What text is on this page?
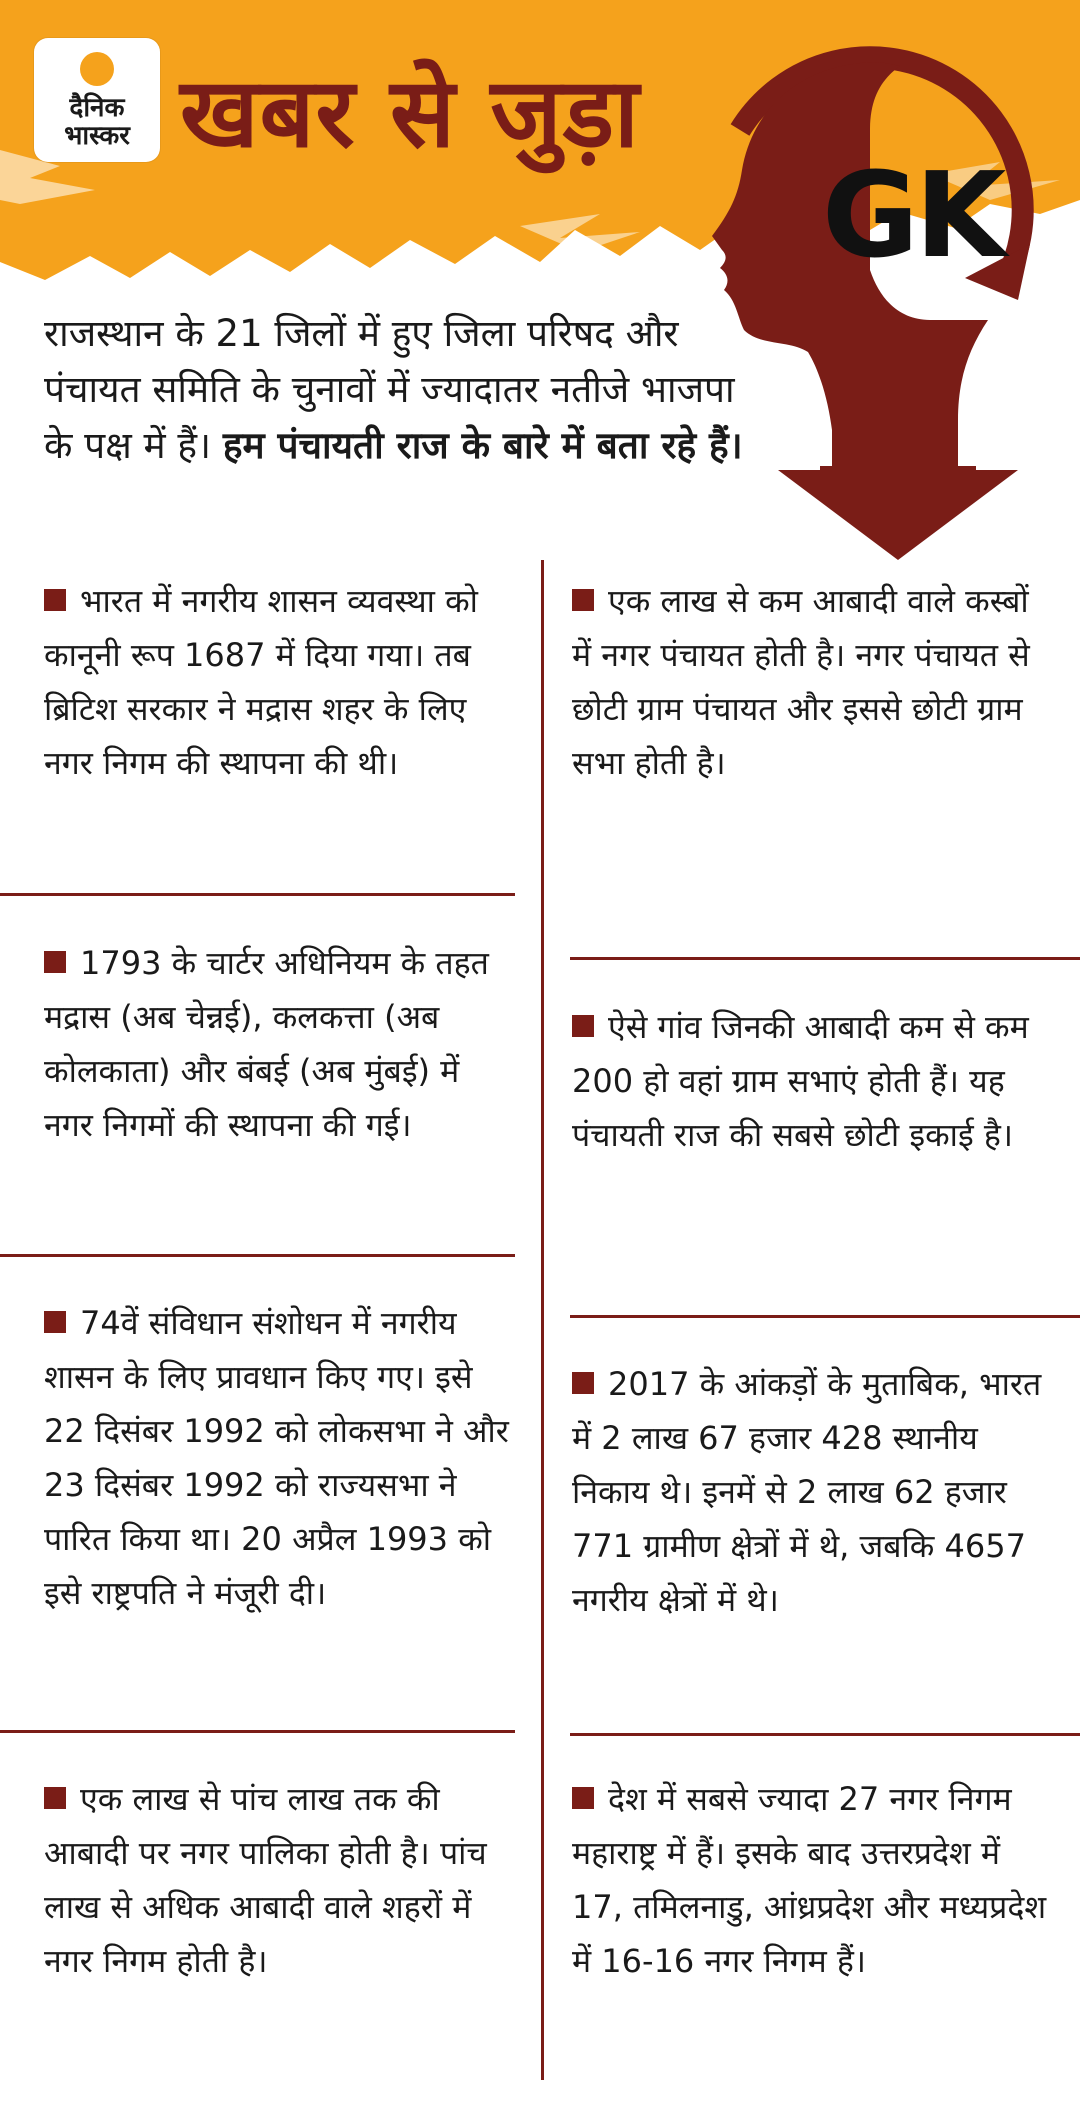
दैनिक
भास्कर खबर से जुड़ा
GK
राजस्थान के 21 जिलों में हुए जिला परिषद और पंचायत समिति के चुनावों में ज्यादातर नतीजे भाजपा के पक्ष में हैं। हम पंचायती राज के बारे में बता रहे हैं।
भारत में नगरीय शासन व्यवस्था को कानूनी रूप 1687 में दिया गया। तब ब्रिटिश सरकार ने मद्रास शहर के लिए नगर निगम की स्थापना की थी।
1793 के चार्टर अधिनियम के तहत मद्रास (अब चेन्नई), कलकत्ता (अब कोलकाता) और बंबई (अब मुंबई) में नगर निगमों की स्थापना की गई।
74वें संविधान संशोधन में नगरीय शासन के लिए प्रावधान किए गए। इसे 22 दिसंबर 1992 को लोकसभा ने और 23 दिसंबर 1992 को राज्यसभा ने पारित किया था। 20 अप्रैल 1993 को इसे राष्ट्रपति ने मंजूरी दी।
एक लाख से पांच लाख तक की आबादी पर नगर पालिका होती है। पांच लाख से अधिक आबादी वाले शहरों में नगर निगम होती है।
एक लाख से कम आबादी वाले कस्बों में नगर पंचायत होती है। नगर पंचायत से छोटी ग्राम पंचायत और इससे छोटी ग्राम सभा होती है।
ऐसे गांव जिनकी आबादी कम से कम 200 हो वहां ग्राम सभाएं होती हैं। यह पंचायती राज की सबसे छोटी इकाई है।
2017 के आंकड़ों के मुताबिक, भारत में 2 लाख 67 हजार 428 स्थानीय निकाय थे। इनमें से 2 लाख 62 हजार 771 ग्रामीण क्षेत्रों में थे, जबकि 4657 नगरीय क्षेत्रों में थे।
देश में सबसे ज्यादा 27 नगर निगम महाराष्ट्र में हैं। इसके बाद उत्तरप्रदेश में 17, तमिलनाडु, आंध्रप्रदेश और मध्यप्रदेश में 16-16 नगर निगम हैं।
